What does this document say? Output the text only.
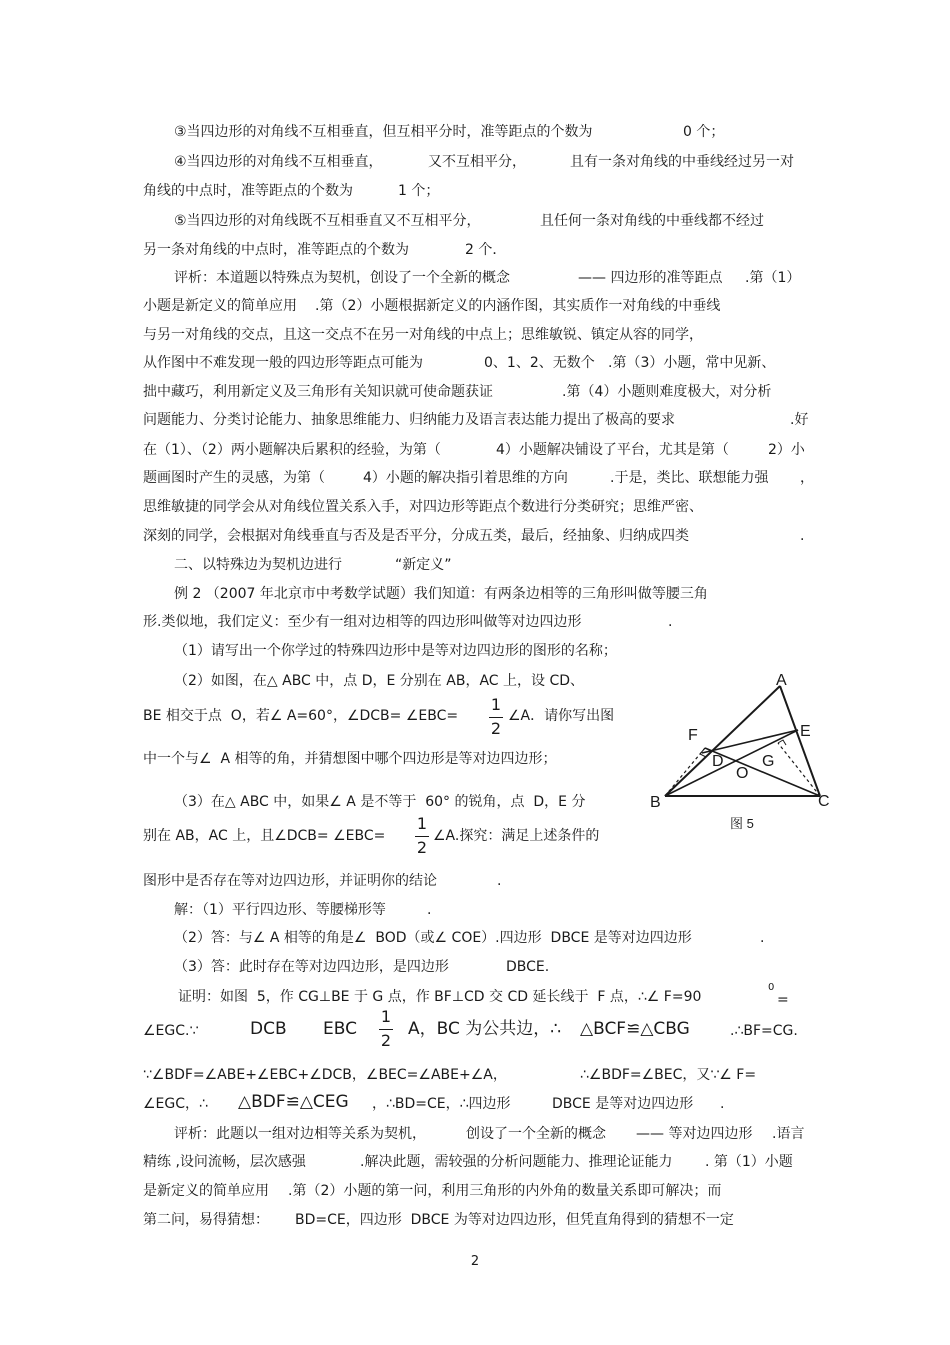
③当四边形的对角线不互相垂直，但互相平分时，准等距点的个数为	0 个；
④当四边形的对角线不互相垂直，	又不互相平分，	且有一条对角线的中垂线经过另一对
角线的中点时，准等距点的个数为	1 个；
⑤当四边形的对角线既不互相垂直又不互相平分，	且任何一条对角线的中垂线都不经过
另一条对角线的中点时，准等距点的个数为	2 个．
评析：本道题以特殊点为契机，创设了一个全新的概念	—— 四边形的准等距点 .第（1）
小题是新定义的简单应用 .第（2）小题根据新定义的内涵作图，其实质作一对角线的中垂线
与另一对角线的交点，且这一交点不在另一对角线的中点上；思维敏锐、镇定从容的同学，
从作图中不难发现一般的四边形等距点可能为	0、1、2、无数个 .第（3）小题，常中见新、
拙中藏巧，利用新定义及三角形有关知识就可使命题获证	.第（4）小题则难度极大，对分析
问题能力、分类讨论能力、抽象思维能力、归纳能力及语言表达能力提出了极高的要求	.好
在（1）、（2）两小题解决后累积的经验，为第（	4）小题解决铺设了平台，尤其是第（	2）小
题画图时产生的灵感，为第（	4）小题的解决指引着思维的方向	.于是，类比、联想能力强 ，
思维敏捷的同学会从对角线位置关系入手，对四边形等距点个数进行分类研究；思维严密、
深刻的同学，会根据对角线垂直与否及是否平分，分成五类，最后，经抽象、归纳成四类	.
二、以特殊边为契机边进行	“新定义”
例 2 （2007 年北京市中考数学试题）我们知道：有两条边相等的三角形叫做等腰三角
形.类似地，我们定义：至少有一组对边相等的四边形叫做等对边四边形	.
（1）请写出一个你学过的特殊四边形中是等对边四边形的图形的名称；
（2）如图，在△ ABC 中，点 D，E 分别在 AB，AC 上，设 CD、
BE 相交于点  O，若∠ A=60°，∠DCB= ∠EBC=
1
2
∠A．请你写出图
中一个与∠  A 相等的角，并猜想图中哪个四边形是等对边四边形；
（3）在△ ABC 中，如果∠ A 是不等于  60° 的锐角，点  D，E 分
别在 AB，AC 上，且∠DCB= ∠EBC=
1
2
∠A.探究：满足上述条件的
图形中是否存在等对边四边形，并证明你的结论	.
解：（1）平行四边形、等腰梯形等	.
（2）答：与∠ A 相等的角是∠  BOD（或∠ COE）.四边形  DBCE 是等对边四边形	.
（3）答：此时存在等对边四边形，是四边形	DBCE.
证明：如图  5，作 CG⊥BE 于 G 点，作 BF⊥CD 交 CD 延长线于  F 点，∴∠ F=90
0
=
∠EGC.∵	DCB EBC
1
2
A，BC 为公共边，∴ △BCF≌△CBG	.∴BF=CG.
∵∠BDF=∠ABE+∠EBC+∠DCB，∠BEC=∠ABE+∠A，	∴∠BDF=∠BEC，又∵∠ F=
∠EGC，∴ △BDF≌△CEG ，∴BD=CE，∴四边形	DBCE 是等对边四边形 .
评析：此题以一组对边相等关系为契机，	创设了一个全新的概念 —— 等对边四边形 .语言
精练 ,设问流畅，层次感强	.解决此题，需较强的分析问题能力、推理论证能力 . 第（1）小题
是新定义的简单应用 .第（2）小题的第一问，利用三角形的内外角的数量关系即可解决；而
第二问，易得猜想： BD=CE，四边形  DBCE 为等对边四边形，但凭直角得到的猜想不一定
A
E
F
D G
O
B	C
图 5
2
